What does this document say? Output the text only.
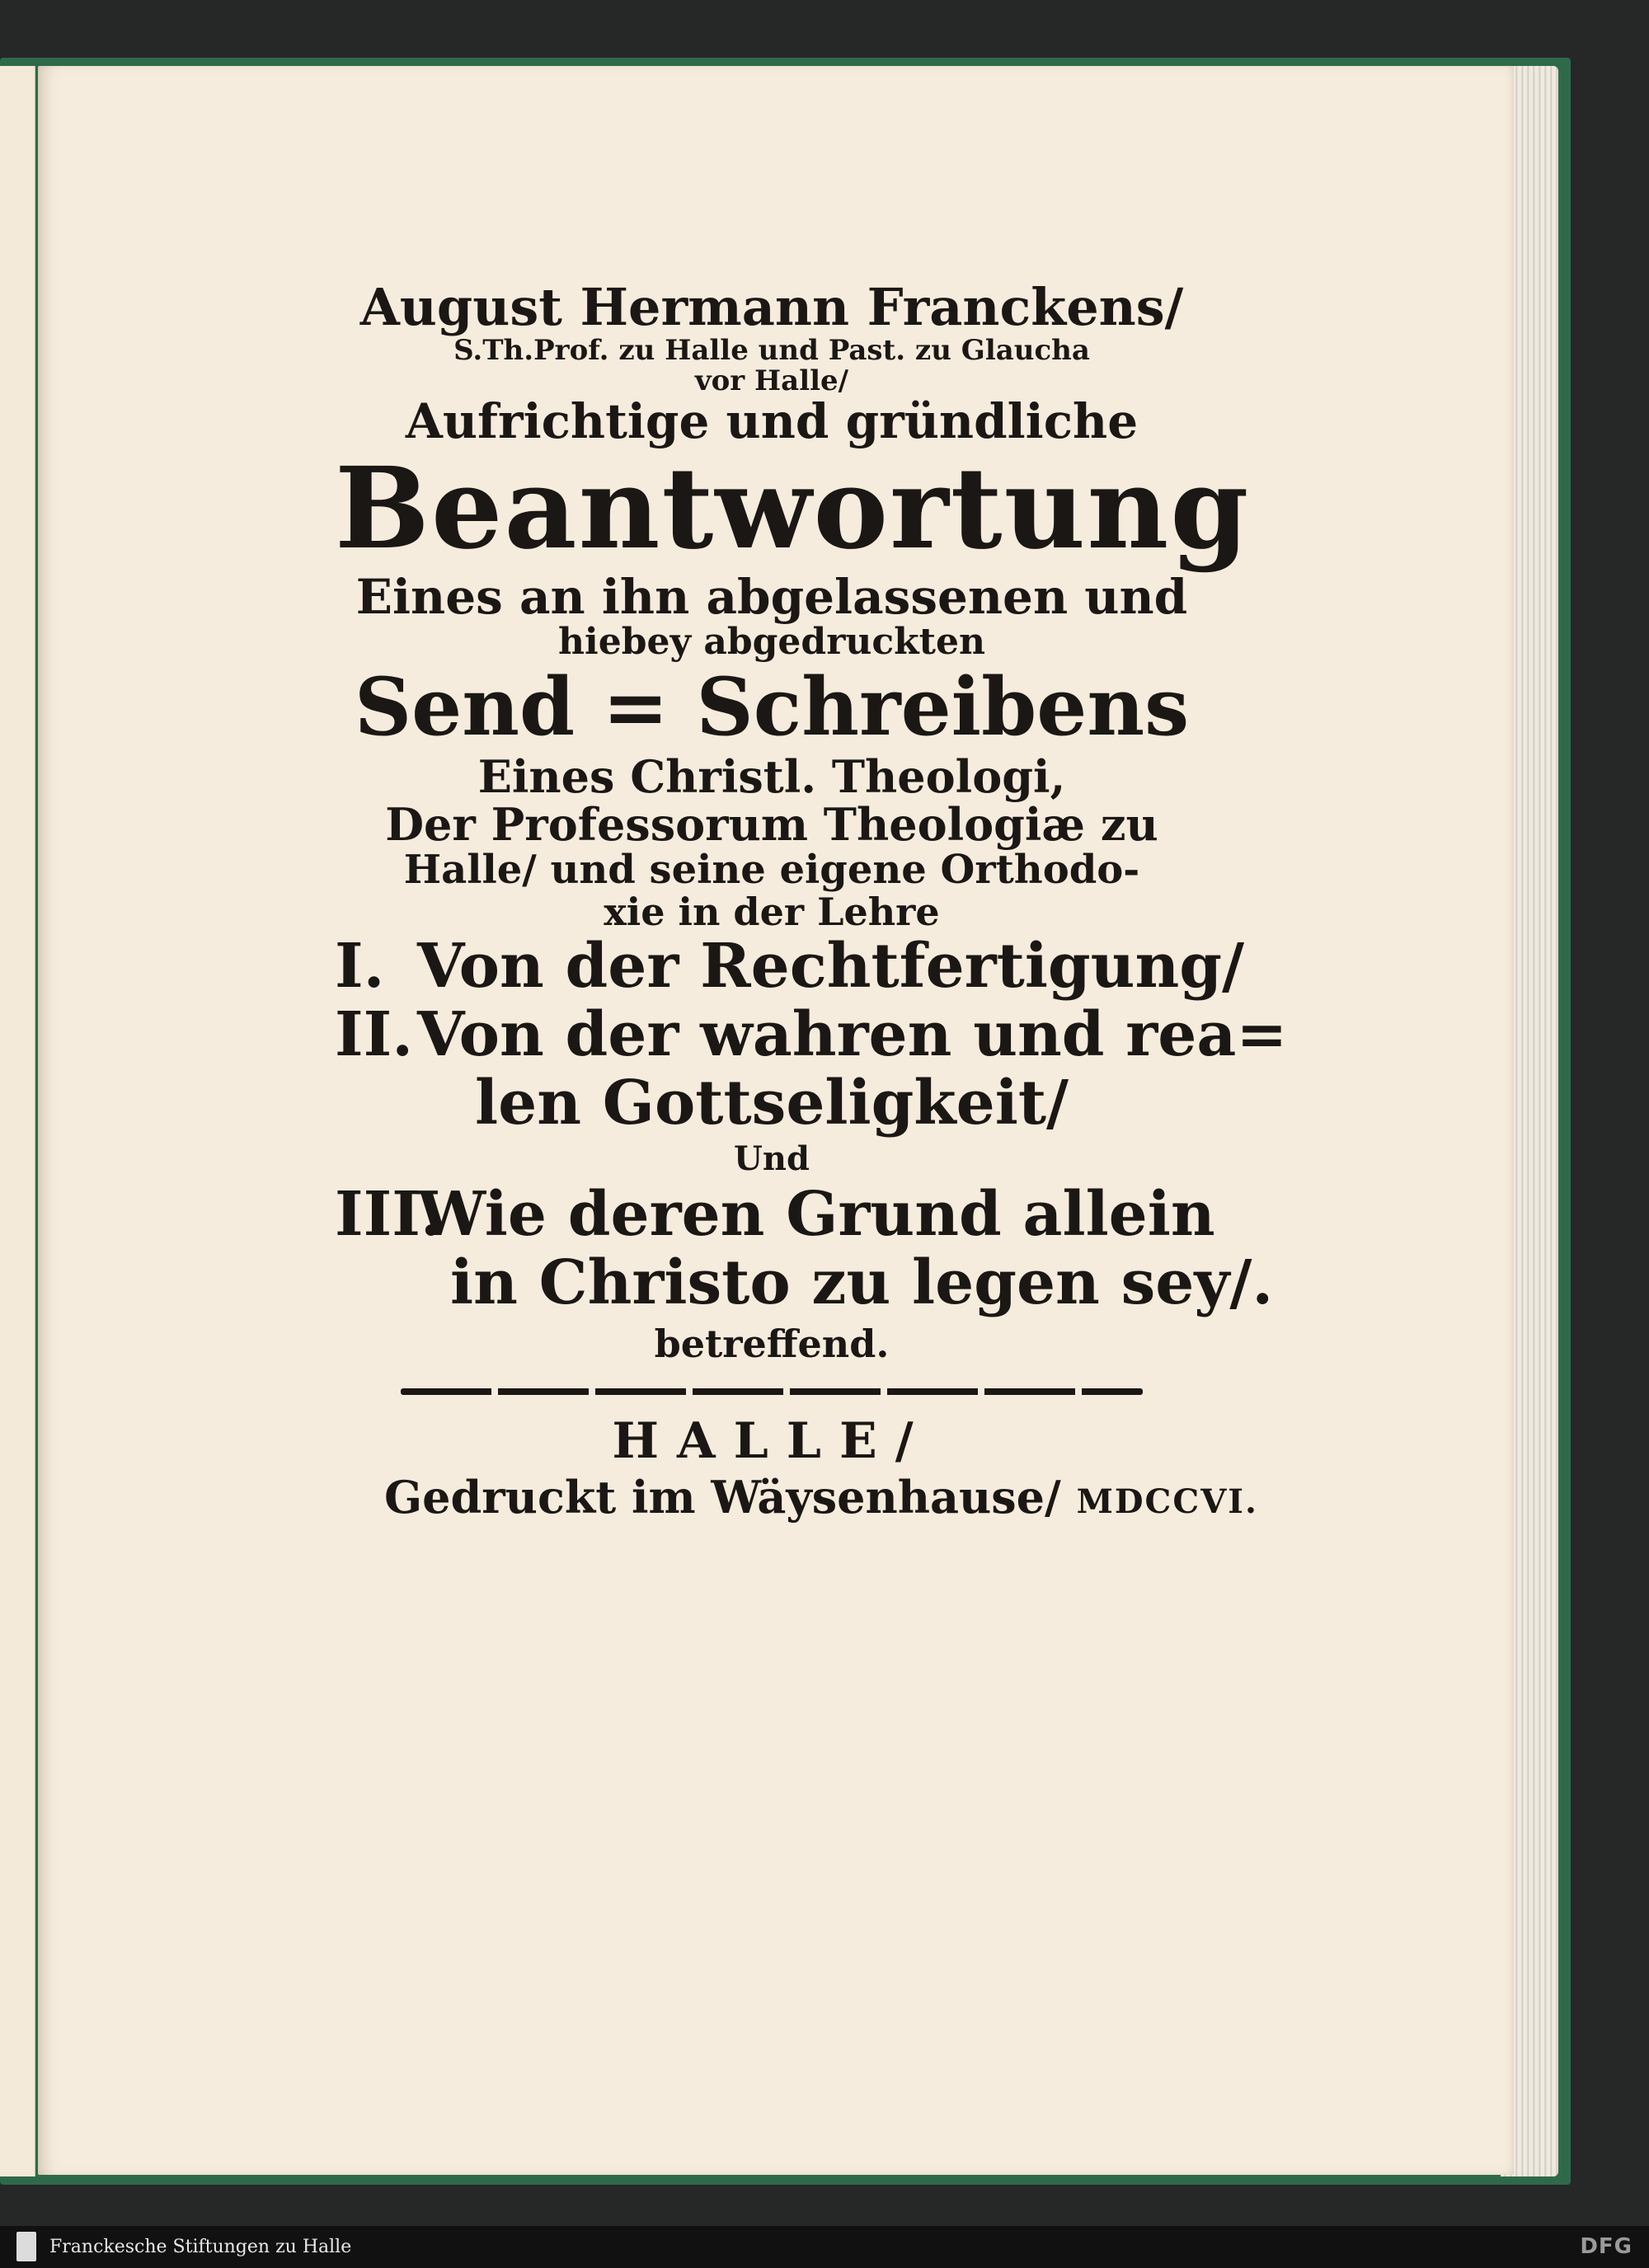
August Hermann Franckens/
S.Th.Prof. zu Halle und Past. zu Glaucha
vor Halle/
Aufrichtige und gründliche
Beantwortung
Eines an ihn abgelassenen und
hiebey abgedruckten
Send = Schreibens
Eines Christl. Theologi,
Der Professorum Theologiæ zu
Halle/ und seine eigene Orthodo-
xie in der Lehre
I. Von der Rechtfertigung/
II.Von der wahren und rea=
len Gottseligkeit/
Und
III.Wie deren Grund allein
in Christo zu legen sey/.
betreffend.
HALLE/
Gedruckt im Wäysenhause/ MDCCVI.
Franckesche Stiftungen zu Halle	DFG
